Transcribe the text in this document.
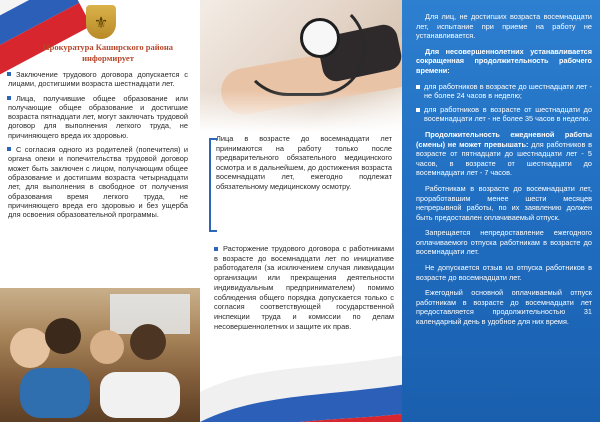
⚜
Прокуратура Каширского района информирует

Заключение трудового договора допускается с лицами, достигшими возраста шестнадцати лет.

Лица, получившие общее образование или получающие общее образование и достигшие возраста пятнадцати лет, могут заключать трудовой договор для выполнения легкого труда, не причиняющего вреда их здоровью.

С согласия одного из родителей (попечителя) и органа опеки и попечительства трудовой договор может быть заключен с лицом, получающим общее образование и достигшим возраста четырнадцати лет, для выполнения в свободное от получения образования время легкого труда, не причиняющего вреда его здоровью и без ущерба для освоения образовательной программы.

Лица в возрасте до восемнадцати лет принимаются на работу только после предварительного обязательного медицинского осмотра и в дальнейшем, до достижения возраста восемнадцати лет, ежегодно подлежат обязательному медицинскому осмотру.
Расторжение трудового договора с работниками в возрасте до восемнадцати лет по инициативе работодателя (за исключением случая ликвидации организации или прекращения деятельности индивидуальным предпринимателем) помимо соблюдения общего порядка допускается только с согласия соответствующей государственной инспекции труда и комиссии по делам несовершеннолетних и защите их прав.

Для лиц, не достигших возраста восемнадцати лет, испытание при приеме на работу не устанавливается.

Для несовершеннолетних устанавливается сокращенная продолжительность рабочего времени:

для работников в возрасте до шестнадцати лет - не более 24 часов в неделю;
для работников в возрасте от шестнадцати до восемнадцати лет - не более 35 часов в неделю.

Продолжительность ежедневной работы (смены) не может превышать: для работников в возрасте от пятнадцати до шестнадцати лет - 5 часов, в возрасте от шестнадцати до восемнадцати лет - 7 часов.

Работникам в возрасте до восемнадцати лет, проработавшим менее шести месяцев непрерывной работы, по их заявлению должен быть предоставлен оплачиваемый отпуск.

Запрещается непредоставление ежегодного оплачиваемого отпуска работникам в возрасте до восемнадцати лет.

Не допускается отзыв из отпуска работников в возрасте до восемнадцати лет.

Ежегодный основной оплачиваемый отпуск работникам в возрасте до восемнадцати лет предоставляется продолжительностью 31 календарный день в удобное для них время.
